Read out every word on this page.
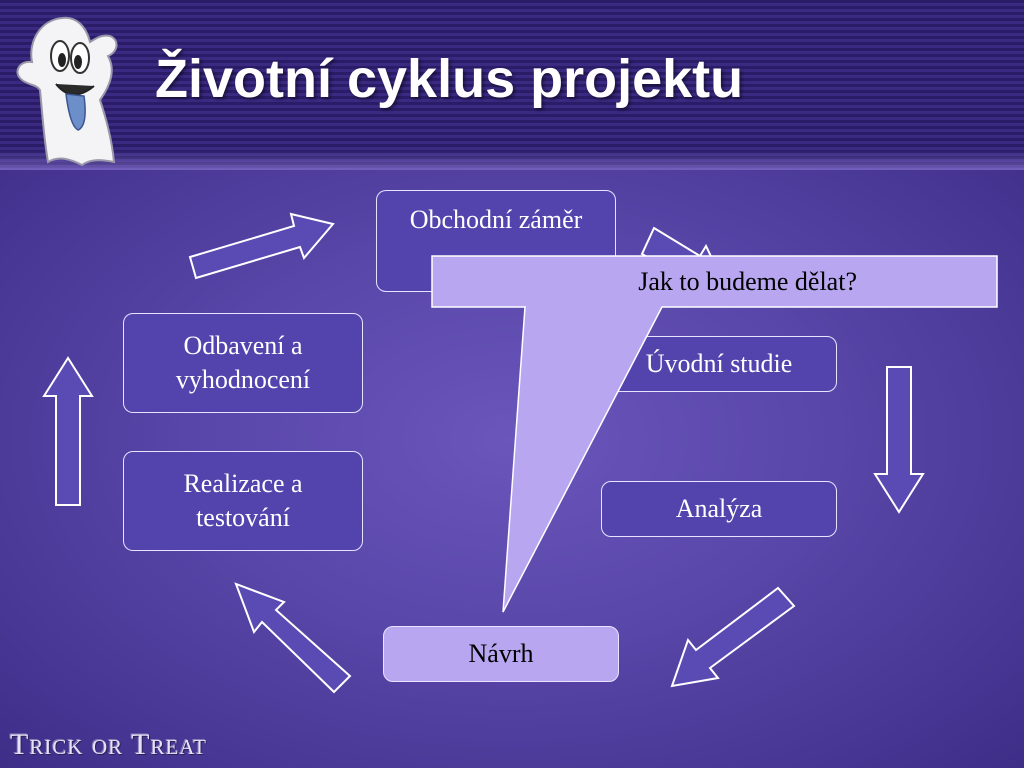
Životní cyklus projektu
Obchodní záměr
Úvodní studie
Analýza
Návrh
Realizace a testování
Odbavení a vyhodnocení
Jak to budeme dělat?
Trick or Treat
